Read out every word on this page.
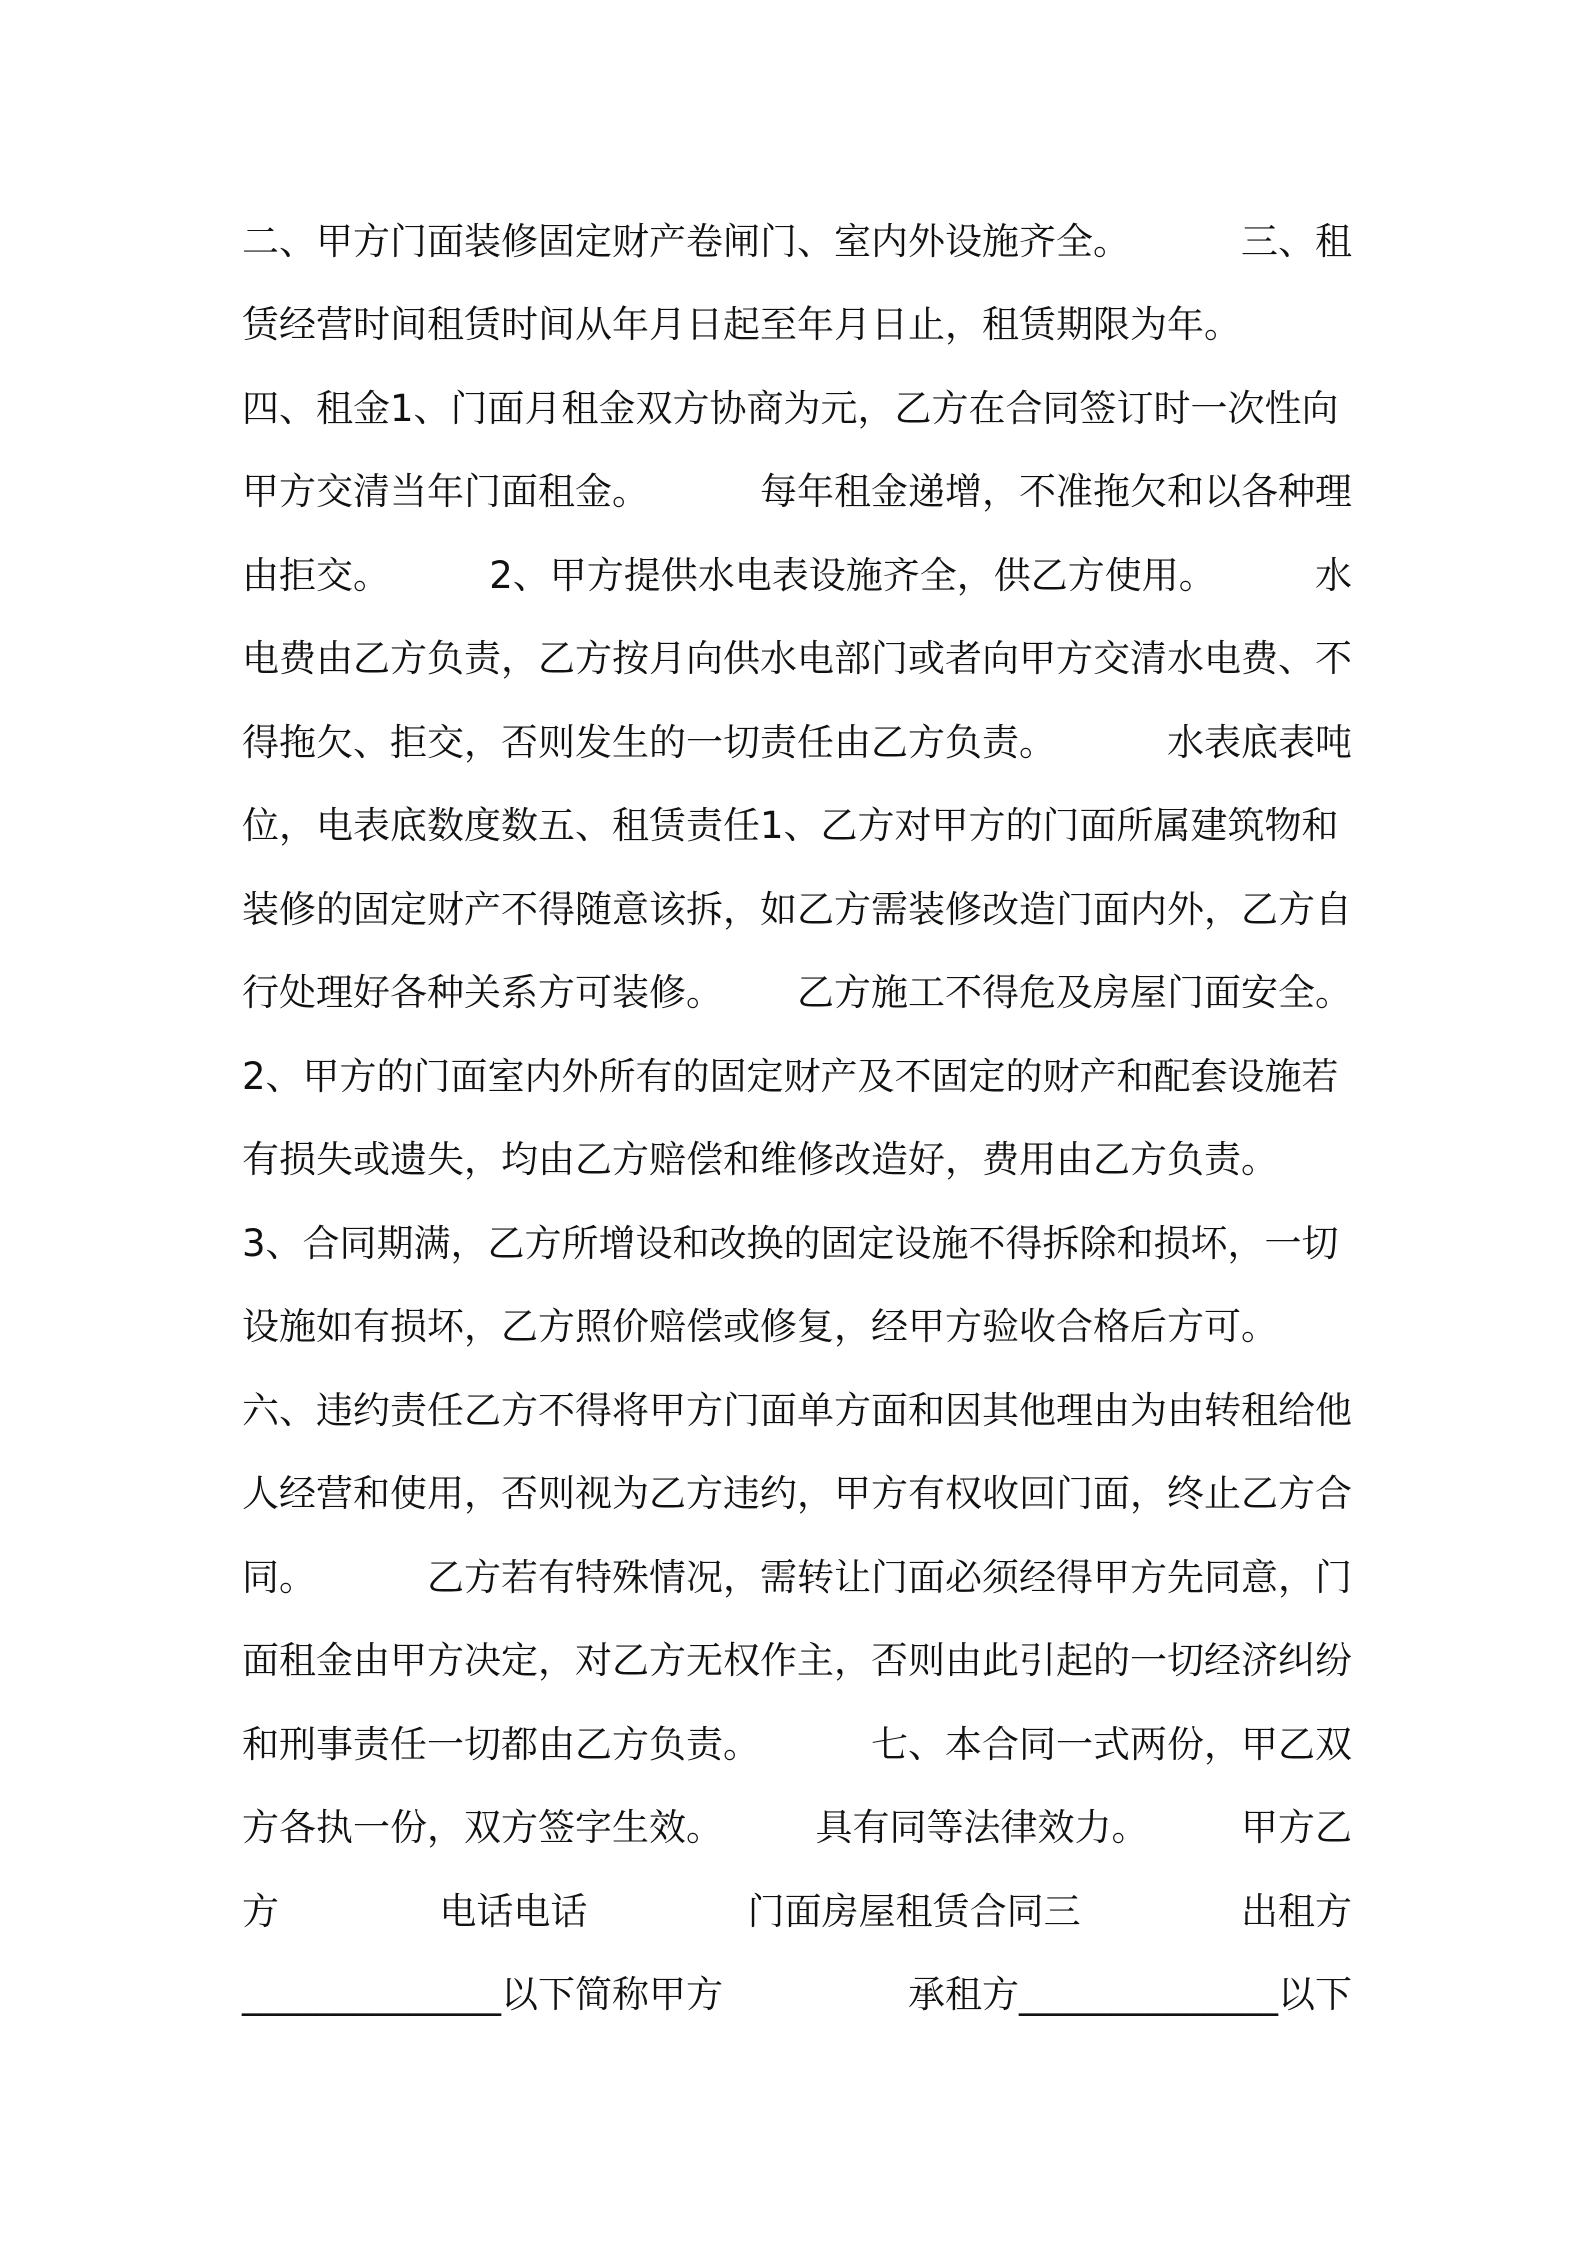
二、甲方门面装修固定财产卷闸门、室内外设施齐全。	三、租
赁经营时间租赁时间从年月日起至年月日止，租赁期限为年。
四、租金1、门面月租金双方协商为元，乙方在合同签订时一次性向
甲方交清当年门面租金。	每年租金递增，不准拖欠和以各种理
由拒交。	2、甲方提供水电表设施齐全，供乙方使用。	水
电费由乙方负责，乙方按月向供水电部门或者向甲方交清水电费、不
得拖欠、拒交，否则发生的一切责任由乙方负责。	水表底表吨
位，电表底数度数五、租赁责任1、乙方对甲方的门面所属建筑物和
装修的固定财产不得随意该拆，如乙方需装修改造门面内外，乙方自
行处理好各种关系方可装修。 乙方施工不得危及房屋门面安全。
2、甲方的门面室内外所有的固定财产及不固定的财产和配套设施若
有损失或遗失，均由乙方赔偿和维修改造好，费用由乙方负责。
3、合同期满，乙方所增设和改换的固定设施不得拆除和损坏，一切
设施如有损坏，乙方照价赔偿或修复，经甲方验收合格后方可。
六、违约责任乙方不得将甲方门面单方面和因其他理由为由转租给他
人经营和使用，否则视为乙方违约，甲方有权收回门面，终止乙方合
同。	乙方若有特殊情况，需转让门面必须经得甲方先同意，门
面租金由甲方决定，对乙方无权作主，否则由此引起的一切经济纠纷
和刑事责任一切都由乙方负责。	七、本合同一式两份，甲乙双
方各执一份，双方签字生效。	具有同等法律效力。	甲方乙
方	电话电话	门面房屋租赁合同三	出租方
______________以下简称甲方	承租方______________以下
